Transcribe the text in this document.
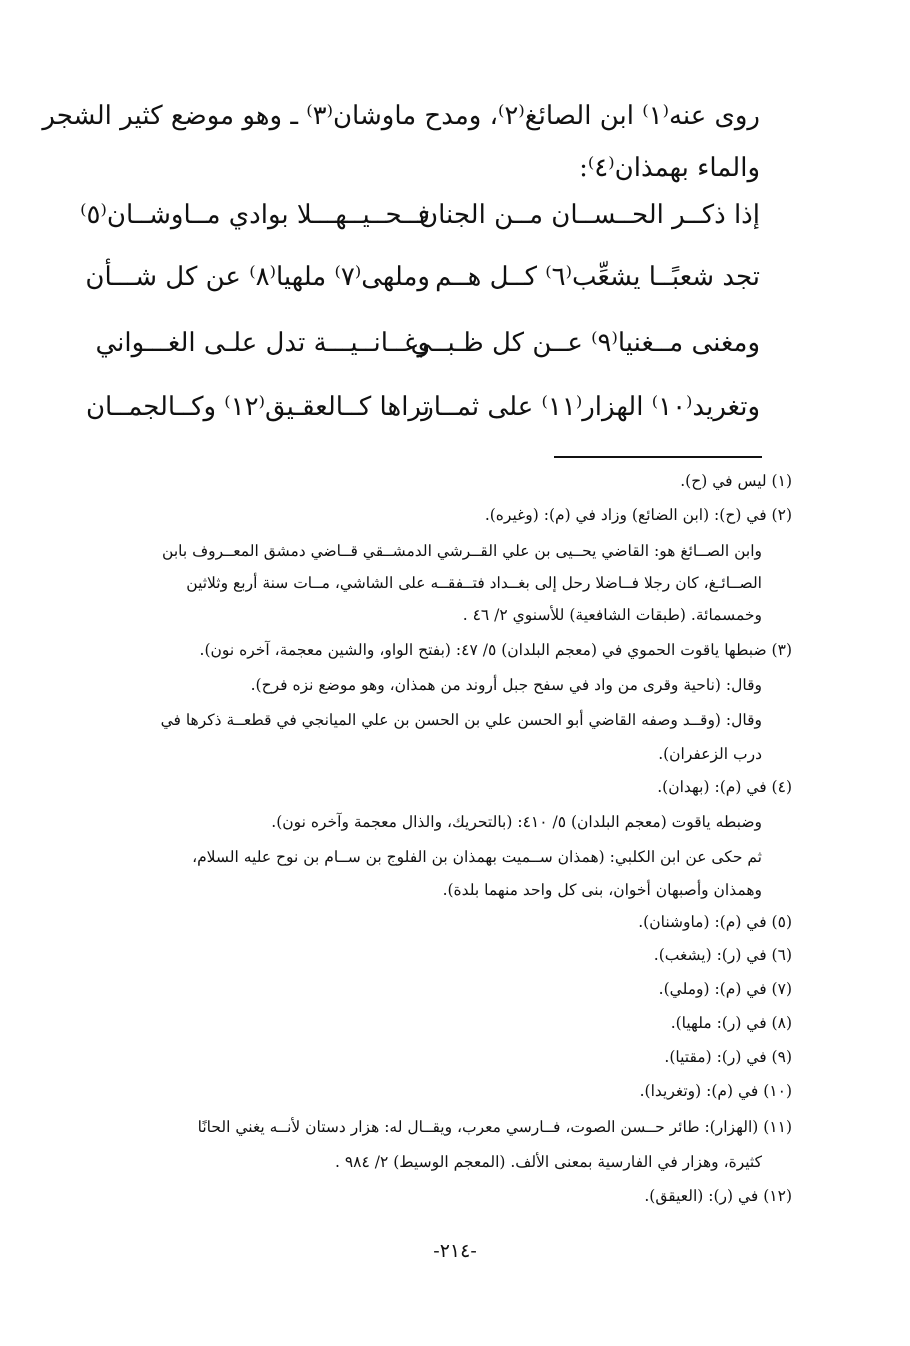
روى عنه⁽١⁾ ابن الصائغ⁽٢⁾، ومدح ماوشان⁽٣⁾ ـ وهو موضع كثير الشجر
والماء بهمذان⁽٤⁾:
إذا ذكــر الحــســان مــن الجنان
فــحــيــهـــلا بوادي مــاوشــان⁽٥⁾
تجد شعبًــا يشعِّب⁽٦⁾ كــل هــم
وملهى⁽٧⁾ ملهيا⁽٨⁾ عن كل شـــأن
ومغنى مــغنيا⁽٩⁾ عــن كل ظـبــي
وغــانــيـــة تدل علـى الغـــواني
وتغريد⁽١٠⁾ الهزار⁽١١⁾ على ثمــار
تراها كــالعقـيق⁽١٢⁾ وكــالجمــان
(١) ليس في (ح).
(٢) في (ح): (ابن الضائع) وزاد في (م): (وغيره).
وابن الصــائغ هو: القاضي يحــيى بن علي القــرشي الدمشــقي قــاضي دمشق المعــروف بابن
الصــائـغ، كان رجلا فــاضلا رحل إلى بغــداد فتــفقــه على الشاشي، مــات سنة أربع وثلاثين
وخمسمائة. (طبقات الشافعية) للأسنوي ٢/ ٤٦ .
(٣) ضبطها ياقوت الحموي في (معجم البلدان) ٥/ ٤٧: (بفتح الواو، والشين معجمة، آخره نون).
وقال: (ناحية وقرى من واد في سفح جبل أروند من همذان، وهو موضع نزه فرح).
وقال: (وقــد وصفه القاضي أبو الحسن علي بن الحسن بن علي الميانجي في قطعــة ذكرها في
درب الزعفران).
(٤) في (م): (بهدان).
وضبطه ياقوت (معجم البلدان) ٥/ ٤١٠: (بالتحريك، والذال معجمة وآخره نون).
ثم حكى عن ابن الكلبي: (همذان ســميت بهمذان بن الفلوج بن ســام بن نوح عليه السلام،
وهمذان وأصبهان أخوان، بنى كل واحد منهما بلدة).
(٥) في (م): (ماوشنان).
(٦) في (ر): (يشغب).
(٧) في (م): (وملي).
(٨) في (ر): ملهيا).
(٩) في (ر): (مقتيا).
(١٠) في (م): (وتغريدا).
(١١) (الهزار): طائر حــسن الصوت، فــارسي معرب، ويقــال له: هزار دستان لأنــه يغني الحانًا
كثيرة، وهزار في الفارسية بمعنى الألف. (المعجم الوسيط) ٢/ ٩٨٤ .
(١٢) في (ر): (العيقق).
-٢١٤-
